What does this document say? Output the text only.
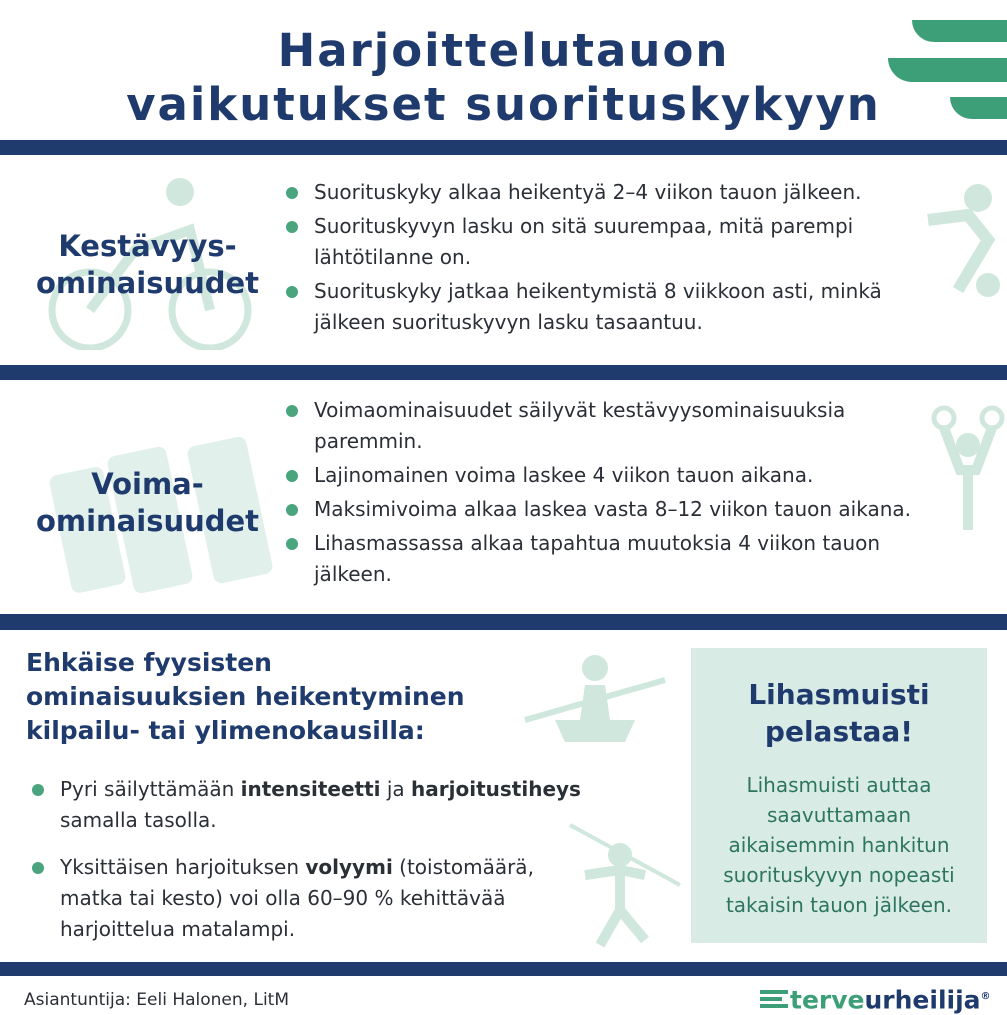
Harjoittelutauon
vaikutukset suorituskykyyn
Kestävyys-
ominaisuudet
Suorituskyky alkaa heikentyä 2–4 viikon tauon jälkeen.
Suorituskyvyn lasku on sitä suurempaa, mitä parempi lähtötilanne on.
Suorituskyky jatkaa heikentymistä 8 viikkoon asti, minkä jälkeen suorituskyvyn lasku tasaantuu.
Voima-
ominaisuudet
Voimaominaisuudet säilyvät kestävyysominaisuuksia paremmin.
Lajinomainen voima laskee 4 viikon tauon aikana.
Maksimivoima alkaa laskea vasta 8–12 viikon tauon aikana.
Lihasmassassa alkaa tapahtua muutoksia 4 viikon tauon jälkeen.
Ehkäise fyysisten
ominaisuuksien heikentyminen
kilpailu- tai ylimenokausilla:
Pyri säilyttämään intensiteetti ja harjoitustiheys samalla tasolla.
Yksittäisen harjoituksen volyymi (toistomäärä, matka tai kesto) voi olla 60–90 % kehittävää harjoittelua matalampi.
Lihasmuisti
pelastaa!
Lihasmuisti auttaa saavuttamaan aikaisemmin hankitun suorituskyvyn nopeasti takaisin tauon jälkeen.
Asiantuntija: Eeli Halonen, LitM	terveurheilija®
